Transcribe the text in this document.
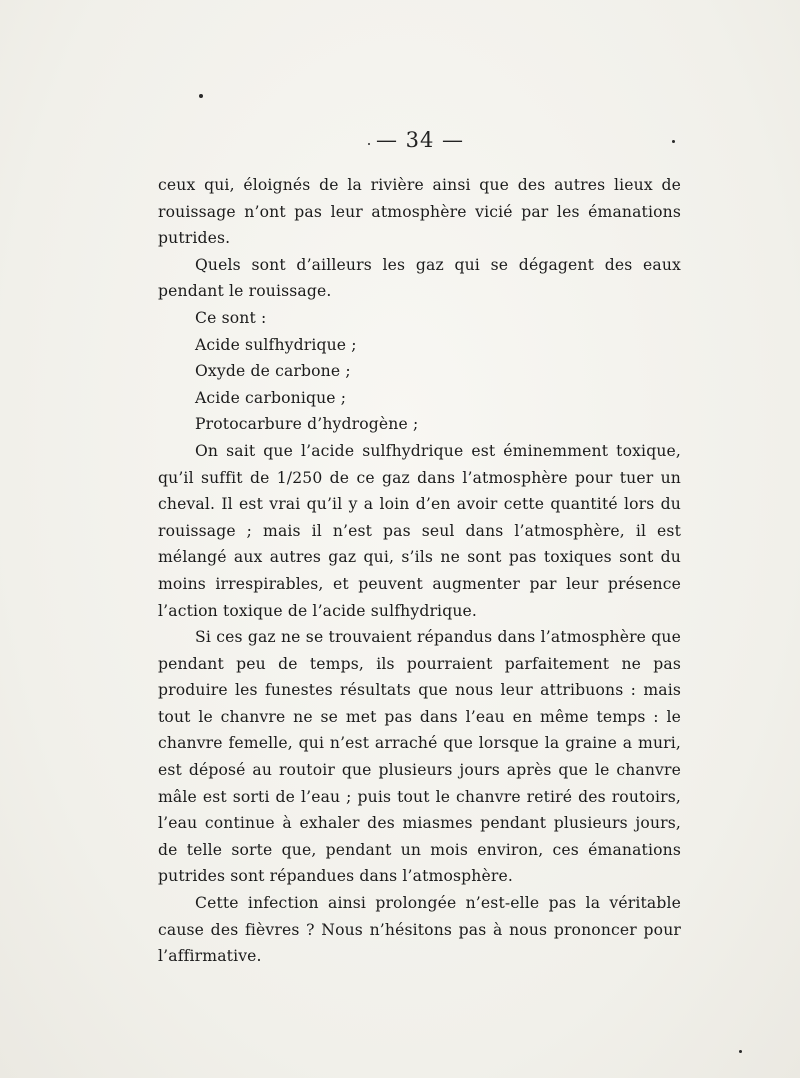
— 34 —

ceux qui, éloignés de la rivière ainsi que des autres lieux de rouissage n’ont pas leur atmosphère vicié par les émanations putrides.

Quels sont d’ailleurs les gaz qui se dégagent des eaux pendant le rouissage.

Ce sont :

Acide sulfhydrique ;

Oxyde de carbone ;

Acide carbonique ;

Protocarbure d’hydrogène ;

On sait que l’acide sulfhydrique est éminemment toxique, qu’il suffit de 1/250 de ce gaz dans l’atmosphère pour tuer un cheval. Il est vrai qu’il y a loin d’en avoir cette quantité lors du rouissage ; mais il n’est pas seul dans l’atmosphère, il est mélangé aux autres gaz qui, s’ils ne sont pas toxiques sont du moins irrespirables, et peuvent augmenter par leur présence l’action toxique de l’acide sulfhydrique.

Si ces gaz ne se trouvaient répandus dans l’atmosphère que pendant peu de temps, ils pourraient parfaitement ne pas produire les funestes résultats que nous leur attribuons : mais tout le chanvre ne se met pas dans l’eau en même temps : le chanvre femelle, qui n’est arraché que lorsque la graine a muri, est déposé au routoir que plusieurs jours après que le chanvre mâle est sorti de l’eau ; puis tout le chanvre retiré des routoirs, l’eau continue à exhaler des miasmes pendant plusieurs jours, de telle sorte que, pendant un mois environ, ces émanations putrides sont répandues dans l’atmosphère.

Cette infection ainsi prolongée n’est-elle pas la véritable cause des fièvres ? Nous n’hésitons pas à nous prononcer pour l’affirmative.
